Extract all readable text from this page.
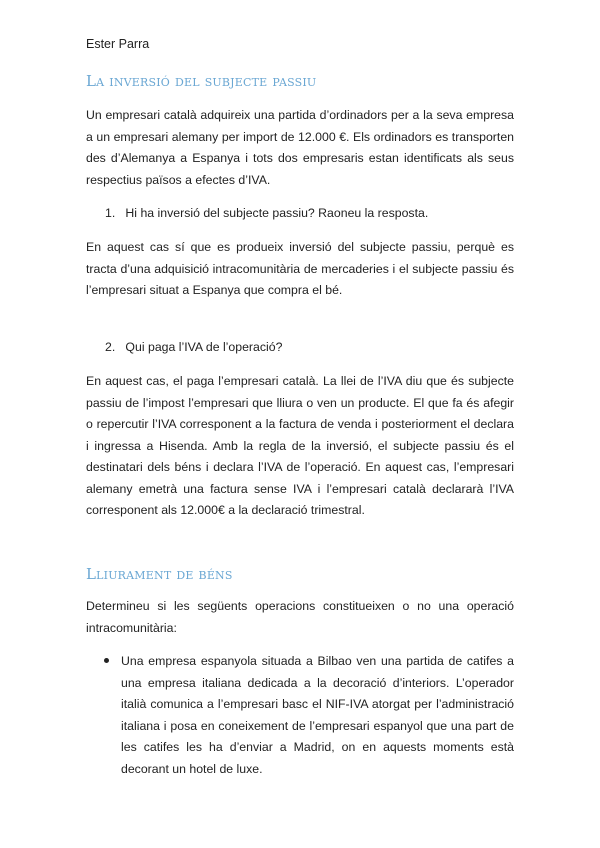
Ester Parra
La inversió del subjecte passiu
Un empresari català adquireix una partida d’ordinadors per a la seva empresa a un empresari alemany per import de 12.000 €. Els ordinadors es transporten des d’Alemanya a Espanya i tots dos empresaris estan identificats als seus respectius països a efectes d’IVA.
1. Hi ha inversió del subjecte passiu? Raoneu la resposta.
En aquest cas sí que es produeix inversió del subjecte passiu, perquè es tracta d’una adquisició intracomunitària de mercaderies i el subjecte passiu és l’empresari situat a Espanya que compra el bé.
2. Qui paga l’IVA de l’operació?
En aquest cas, el paga l’empresari català. La llei de l’IVA diu que és subjecte passiu de l’impost l’empresari que lliura o ven un producte. El que fa és afegir o repercutir l’IVA corresponent a la factura de venda i posteriorment el declara i ingressa a Hisenda. Amb la regla de la inversió, el subjecte passiu és el destinatari dels béns i declara l’IVA de l’operació. En aquest cas, l’empresari alemany emetrà una factura sense IVA i l’empresari català declararà l’IVA corresponent als 12.000€ a la declaració trimestral.
Lliurament de béns
Determineu si les següents operacions constitueixen o no una operació intracomunitària:
Una empresa espanyola situada a Bilbao ven una partida de catifes a una empresa italiana dedicada a la decoració d’interiors. L’operador italià comunica a l’empresari basc el NIF-IVA atorgat per l’administració italiana i posa en coneixement de l’empresari espanyol que una part de les catifes les ha d’enviar a Madrid, on en aquests moments està decorant un hotel de luxe.
